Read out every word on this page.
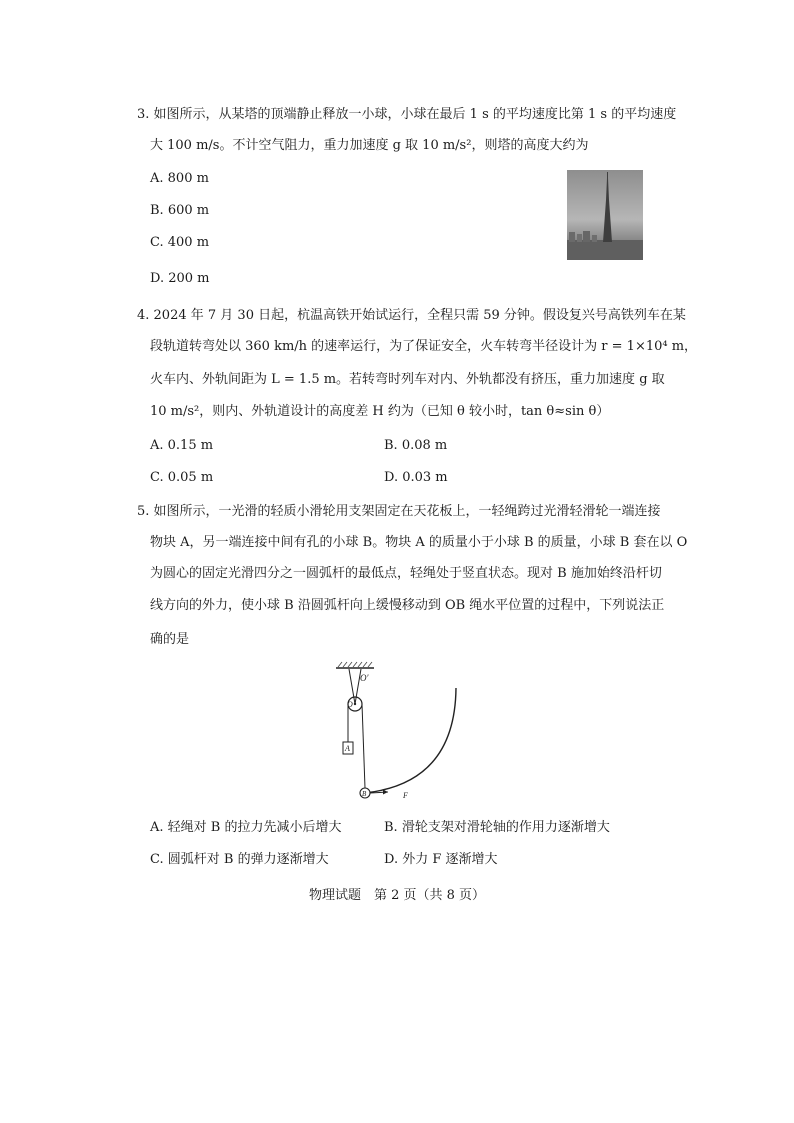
3. 如图所示，从某塔的顶端静止释放一小球，小球在最后 1 s 的平均速度比第 1 s 的平均速度
大 100 m/s。不计空气阻力，重力加速度 g 取 10 m/s²，则塔的高度大约为
A. 800 m
B. 600 m
C. 400 m
D. 200 m
4. 2024 年 7 月 30 日起，杭温高铁开始试运行，全程只需 59 分钟。假设复兴号高铁列车在某
段轨道转弯处以 360 km/h 的速率运行，为了保证安全，火车转弯半径设计为 r = 1×10⁴ m，
火车内、外轨间距为 L = 1.5 m。若转弯时列车对内、外轨都没有挤压，重力加速度 g 取
10 m/s²，则内、外轨道设计的高度差 H 约为（已知 θ 较小时，tan θ≈sin θ）
A. 0.15 m	B. 0.08 m
C. 0.05 m	D. 0.03 m
5. 如图所示，一光滑的轻质小滑轮用支架固定在天花板上，一轻绳跨过光滑轻滑轮一端连接
物块 A，另一端连接中间有孔的小球 B。物块 A 的质量小于小球 B 的质量，小球 B 套在以 O
为圆心的固定光滑四分之一圆弧杆的最低点，轻绳处于竖直状态。现对 B 施加始终沿杆切
线方向的外力，使小球 B 沿圆弧杆向上缓慢移动到 OB 绳水平位置的过程中，下列说法正
确的是
O′
O
A
B	F
A. 轻绳对 B 的拉力先减小后增大	B. 滑轮支架对滑轮轴的作用力逐渐增大
C. 圆弧杆对 B 的弹力逐渐增大	D. 外力 F 逐渐增大
物理试题　第 2 页（共 8 页）
